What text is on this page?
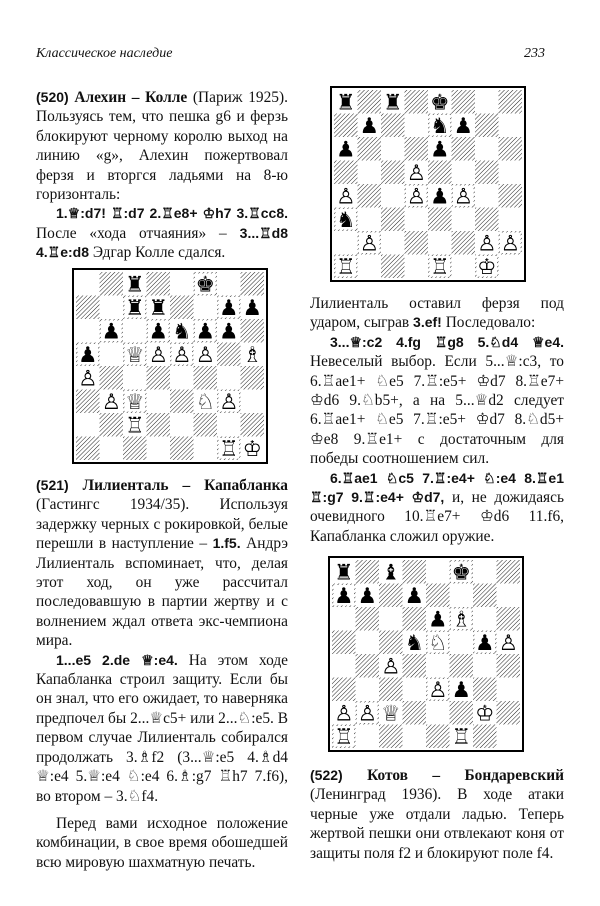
Классическое наследие	233

(520) Алехин – Колле (Париж 1925). Пользуясь тем, что пешка g6 и ферзь блокируют черному королю выход на линию «g», Алехин пожертвовал ферзя и вторгся ладьями на 8-ю горизонталь:

1.♕:d7! ♖:d7 2.♖e8+ ♔h7 3.♖cc8. После «хода отчаяния» – 3...♖d8 4.♖e:d8 Эдгар Колле сдался.

♜ ♚
♜ ♜ ♟ ♟
♟ ♟ ♞ ♟ ♟
♟ ♕ ♙ ♙ ♙ ♗
♙
♙ ♕ ♘ ♙
♖
♖ ♔

(521) Лилиенталь – Капабланка (Гастингс 1934/35). Используя задержку черных с рокировкой, белые перешли в наступление – 1.f5. Андрэ Лилиенталь вспоминает, что, делая этот ход, он уже рассчитал последовавшую в партии жертву и с волнением ждал ответа экс-чемпиона мира.

1...e5 2.de ♕:e4. На этом ходе Капабланка строил защиту. Если бы он знал, что его ожидает, то наверняка предпочел бы 2...♕c5+ или 2...♘:e5. В первом случае Лилиенталь собирался продолжать 3.♗f2 (3...♕:e5 4.♗d4 ♕:e4 5.♕:e4 ♘:e4 6.♗:g7 ♖h7 7.f6), во втором – 3.♘f4.

Перед вами исходное положение комбинации, в свое время обошедшей всю мировую шахматную печать.

♜ ♜ ♚
♟ ♞ ♟
♟	♟
♙
♙ ♙ ♟ ♙
♞
♙	♙ ♙
♖	♖ ♔

Лилиенталь оставил ферзя под ударом, сыграв 3.ef! Последовало:

3...♕:c2 4.fg ♖g8 5.♘d4 ♕e4. Невеселый выбор. Если 5...♕:c3, то 6.♖ae1+ ♘e5 7.♖:e5+ ♔d7 8.♖e7+ ♔d6 9.♘b5+, а на 5...♕d2 следует 6.♖ae1+ ♘e5 7.♖:e5+ ♔d7 8.♘d5+ ♔e8 9.♖e1+ с достаточным для победы соотношением сил.

6.♖ae1 ♘c5 7.♖:e4+ ♘:e4 8.♖e1 ♖:g7 9.♖:e4+ ♔d7, и, не дожидаясь очевидного 10.♖e7+ ♔d6 11.f6, Капабланка сложил оружие.

♜ ♝ ♚
♟ ♟ ♟
♟ ♗
♞ ♘ ♟ ♙
♙
♙ ♟
♙ ♙ ♕	♔
♖	♖

(522) Котов – Бондаревский (Ленинград 1936). В ходе атаки черные уже отдали ладью. Теперь жертвой пешки они отвлекают коня от защиты поля f2 и блокируют поле f4.
